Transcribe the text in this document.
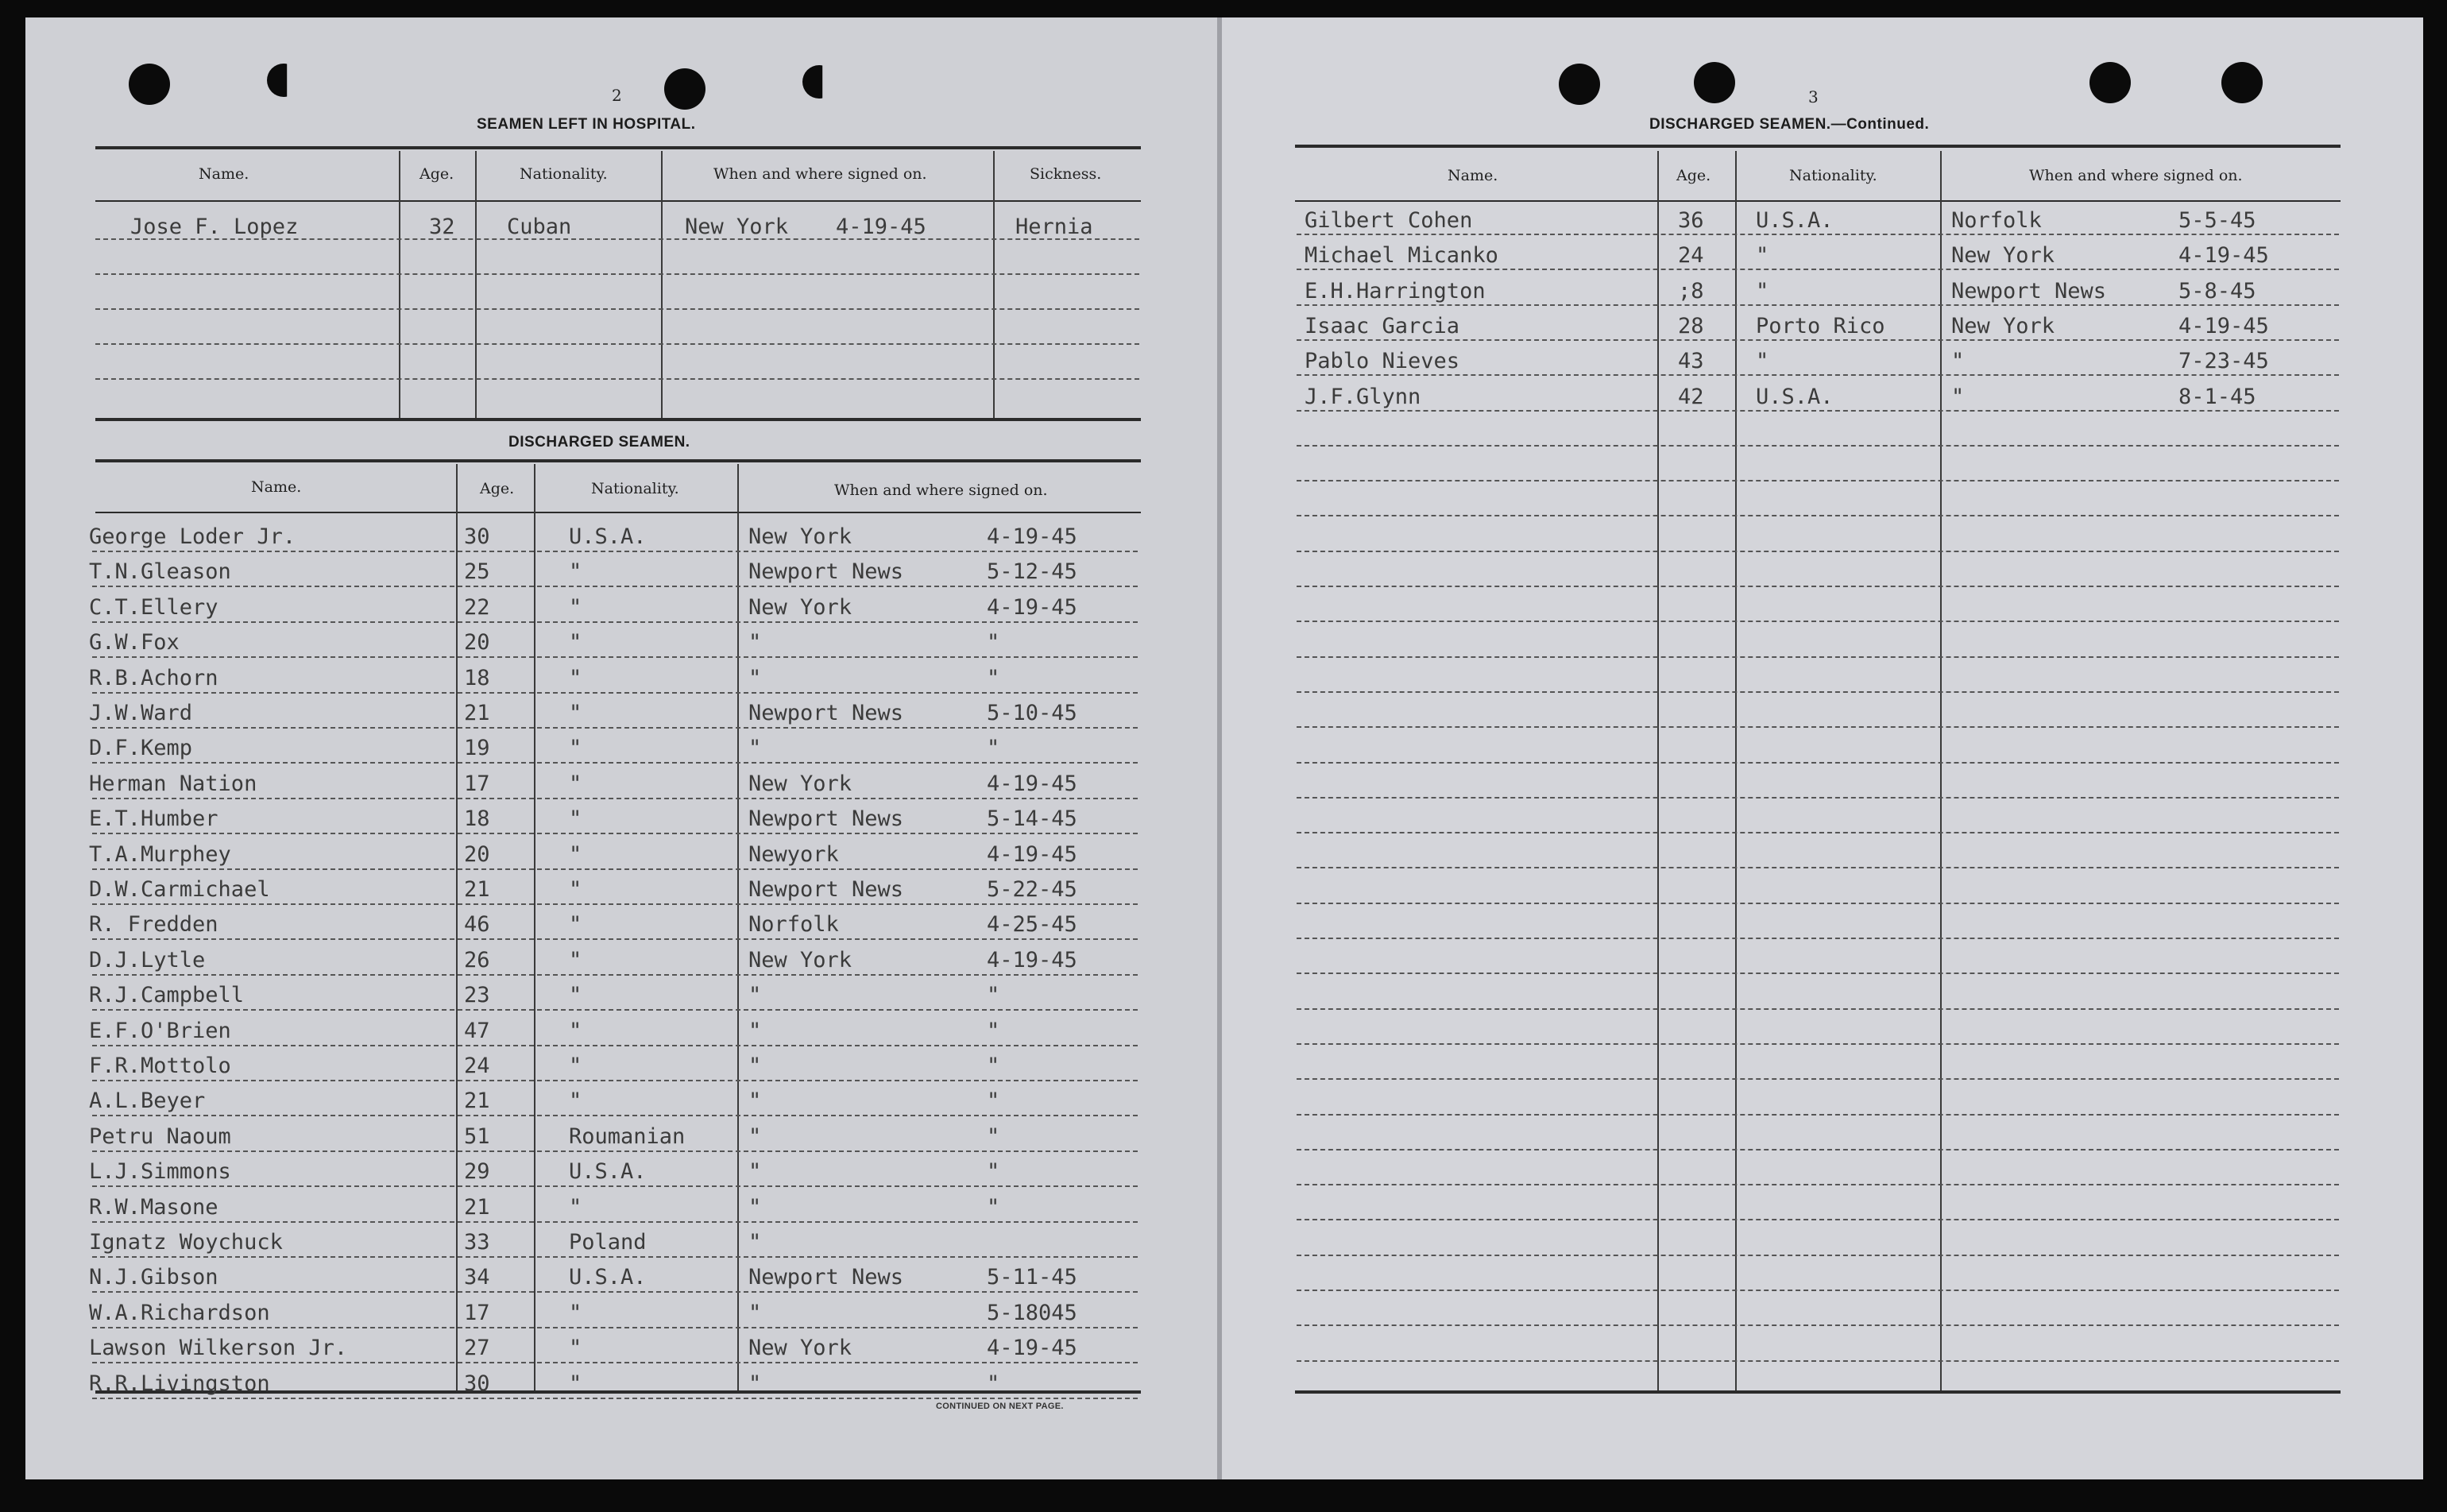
2
SEAMEN LEFT IN HOSPITAL.
Name.	Age.	Nationality.	When and where signed on.	Sickness.
Jose F. Lopez	32 Cuban	New York 4-19-45	Hernia
DISCHARGED SEAMEN.
Name.	Age.	Nationality.	When and where signed on.
George Loder Jr.	30	U.S.A.	New York	4-19-45
T.N.Gleason	25	"	Newport News	5-12-45
C.T.Ellery	22	"	New York	4-19-45
G.W.Fox	20	"	"	"
R.B.Achorn	18	"	"	"
J.W.Ward	21	"	Newport News	5-10-45
D.F.Kemp	19	"	"	"
Herman Nation	17	"	New York	4-19-45
E.T.Humber	18	"	Newport News	5-14-45
T.A.Murphey	20	"	Newyork	4-19-45
D.W.Carmichael	21	"	Newport News	5-22-45
R. Fredden	46	"	Norfolk	4-25-45
D.J.Lytle	26	"	New York	4-19-45
R.J.Campbell	23	"	"	"
E.F.O'Brien	47	"	"	"
F.R.Mottolo	24	"	"	"
A.L.Beyer	21	"	"	"
Petru Naoum	51	Roumanian	"	"
L.J.Simmons	29	U.S.A.	"	"
R.W.Masone	21	"	"	"
Ignatz Woychuck	33	Poland	"
N.J.Gibson	34	U.S.A.	Newport News	5-11-45
W.A.Richardson	17	"	"	5-18045
Lawson Wilkerson Jr.	27	"	New York	4-19-45
R.R.Livingston	30	"	"	"
CONTINUED ON NEXT PAGE.
3
DISCHARGED SEAMEN.—Continued.
Name.	Age.	Nationality.	When and where signed on.
Gilbert Cohen	36 U.S.A.	Norfolk	5-5-45
Michael Micanko	24 "	New York	4-19-45
E.H.Harrington	;8 "	Newport News	5-8-45
Isaac Garcia	28 Porto Rico	New York	4-19-45
Pablo Nieves	43 "	"	7-23-45
J.F.Glynn	42 U.S.A.	"	8-1-45
